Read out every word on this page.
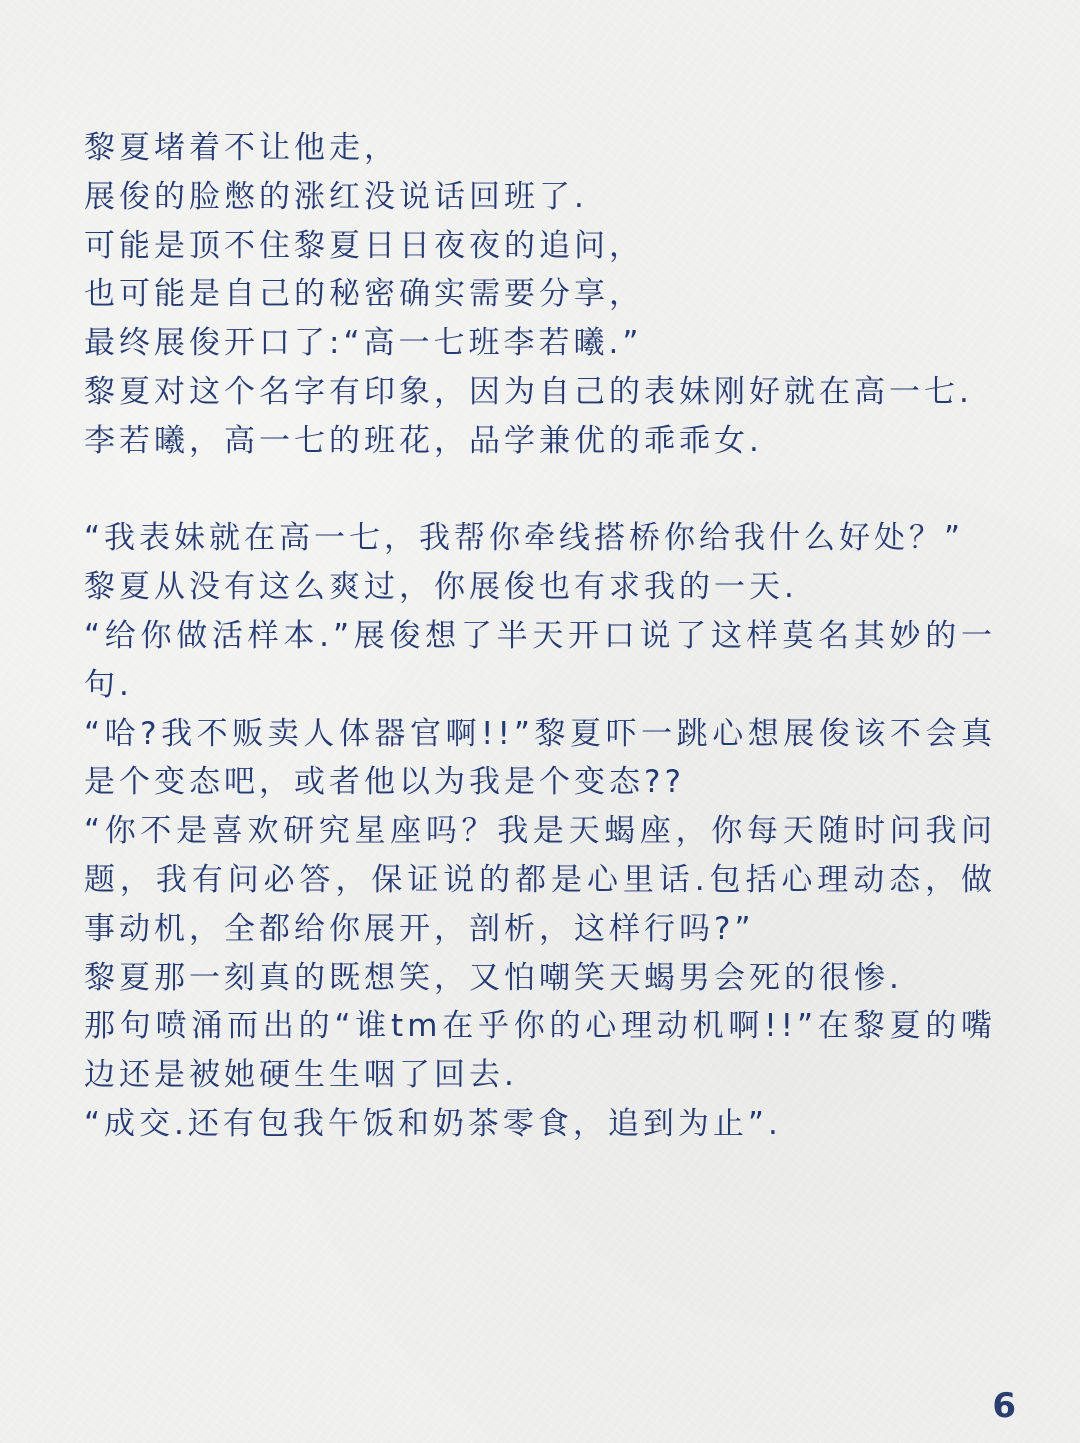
黎夏堵着不让他走，

展俊的脸憋的涨红没说话回班了.

可能是顶不住黎夏日日夜夜的追问，

也可能是自己的秘密确实需要分享，

最终展俊开口了:“高一七班李若曦.”

黎夏对这个名字有印象，因为自己的表妹刚好就在高一七.

李若曦，高一七的班花，品学兼优的乖乖女.

“我表妹就在高一七，我帮你牵线搭桥你给我什么好处？”

黎夏从没有这么爽过，你展俊也有求我的一天.

“给你做活样本.”展俊想了半天开口说了这样莫名其妙的一句.

“哈?我不贩卖人体器官啊!!”黎夏吓一跳心想展俊该不会真是个变态吧，或者他以为我是个变态??

“你不是喜欢研究星座吗？我是天蝎座，你每天随时问我问题，我有问必答，保证说的都是心里话.包括心理动态，做事动机，全都给你展开，剖析，这样行吗?”

黎夏那一刻真的既想笑，又怕嘲笑天蝎男会死的很惨.

那句喷涌而出的“谁tm在乎你的心理动机啊!!”在黎夏的嘴边还是被她硬生生咽了回去.

“成交.还有包我午饭和奶茶零食，追到为止”.

6
